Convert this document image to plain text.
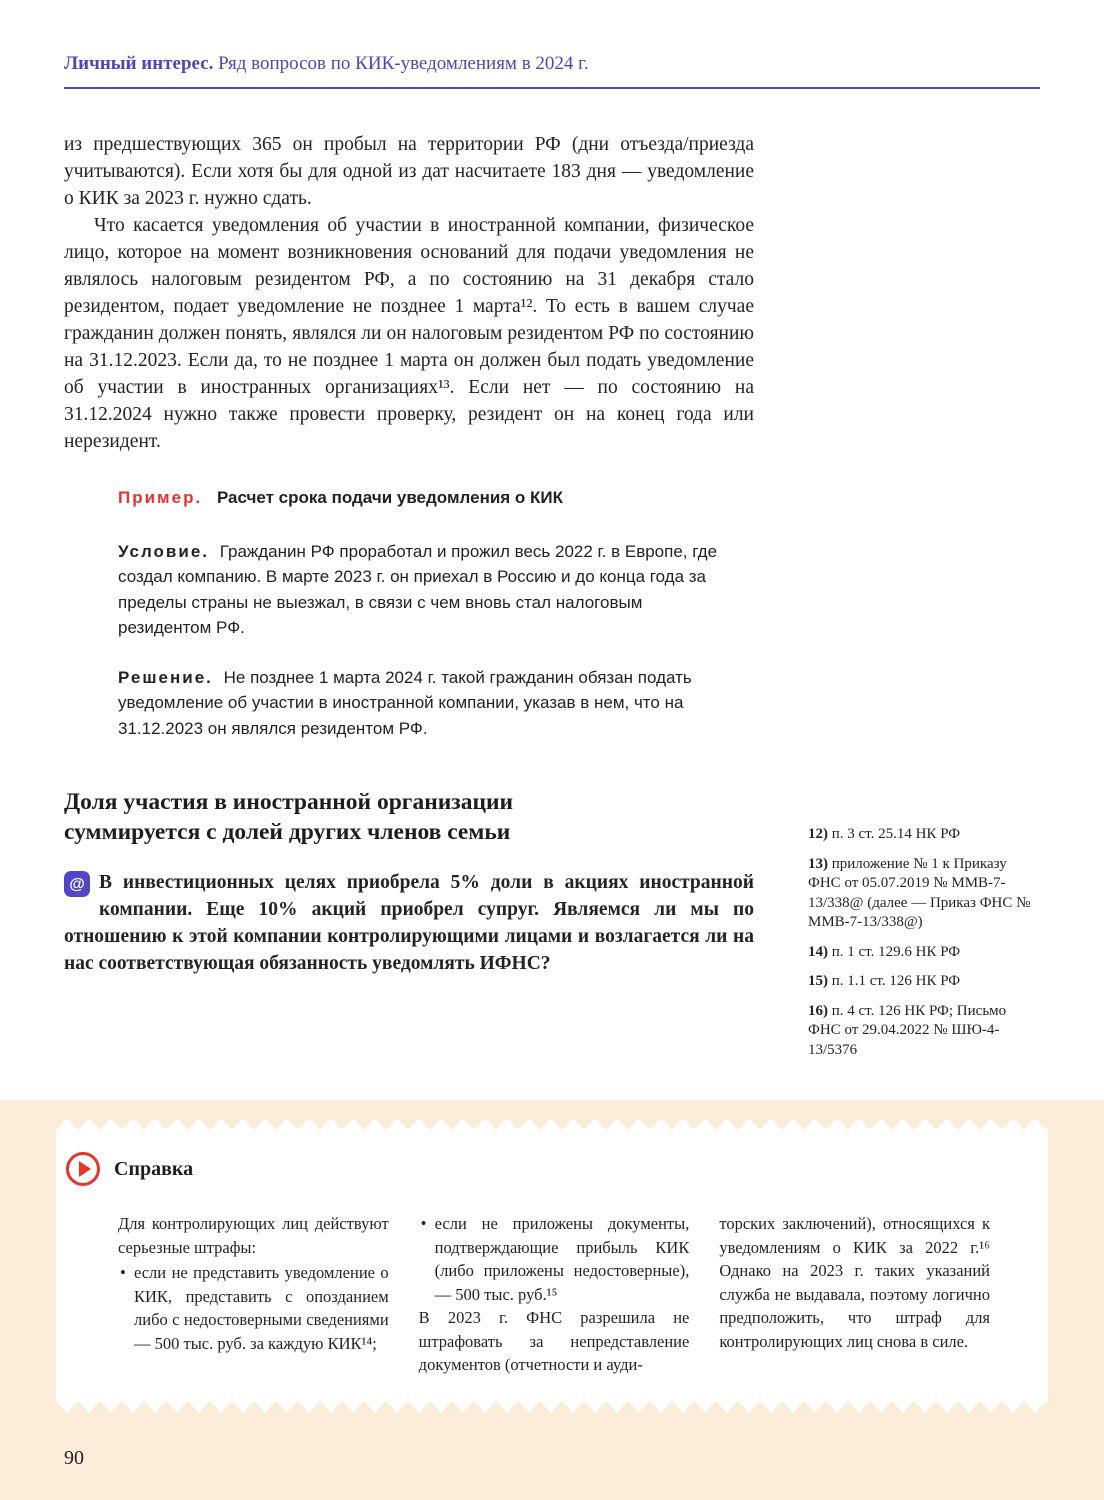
Личный интерес. Ряд вопросов по КИК-уведомлениям в 2024 г.

из предшествующих 365 он пробыл на территории РФ (дни отъезда/приезда учитываются). Если хотя бы для одной из дат насчитаете 183 дня — уведомление о КИК за 2023 г. нужно сдать.

Что касается уведомления об участии в иностранной компании, физическое лицо, которое на момент возникновения оснований для подачи уведомления не являлось налоговым резидентом РФ, а по состоянию на 31 декабря стало резидентом, подает уведомление не позднее 1 марта¹². То есть в вашем случае гражданин должен понять, являлся ли он налоговым резидентом РФ по состоянию на 31.12.2023. Если да, то не позднее 1 марта он должен был подать уведомление об участии в иностранных организациях¹³. Если нет — по состоянию на 31.12.2024 нужно также провести проверку, резидент он на конец года или нерезидент.

Пример. Расчет срока подачи уведомления о КИК

Условие. Гражданин РФ проработал и прожил весь 2022 г. в Европе, где создал компанию. В марте 2023 г. он приехал в Россию и до конца года за пределы страны не выезжал, в связи с чем вновь стал налоговым резидентом РФ.

Решение. Не позднее 1 марта 2024 г. такой гражданин обязан подать уведомление об участии в иностранной компании, указав в нем, что на 31.12.2023 он являлся резидентом РФ.

Доля участия в иностранной организации суммируется с долей других членов семьи

@ В инвестиционных целях приобрела 5% доли в акциях иностранной компании. Еще 10% акций приобрел супруг. Являемся ли мы по отношению к этой компании контролирующими лицами и возлагается ли на нас соответствующая обязанность уведомлять ИФНС?

12) п. 3 ст. 25.14 НК РФ

13) приложение № 1 к Приказу ФНС от 05.07.2019 № ММВ-7-13/338@ (далее — Приказ ФНС № ММВ-7-13/338@)

14) п. 1 ст. 129.6 НК РФ

15) п. 1.1 ст. 126 НК РФ

16) п. 4 ст. 126 НК РФ; Письмо ФНС от 29.04.2022 № ШЮ-4-13/5376

Справка

Для контролирующих лиц действуют серьезные штрафы:

• если не представить уведомление о КИК, представить с опозданием либо с недостоверными сведениями — 500 тыс. руб. за каждую КИК¹⁴;

• если не приложены документы, подтверждающие прибыль КИК (либо приложены недостоверные), — 500 тыс. руб.¹⁵

В 2023 г. ФНС разрешила не штрафовать за непредставление документов (отчетности и ауди-

торских заключений), относящихся к уведомлениям о КИК за 2022 г.¹⁶ Однако на 2023 г. таких указаний служба не выдавала, поэтому логично предположить, что штраф для контролирующих лиц снова в силе.

90
